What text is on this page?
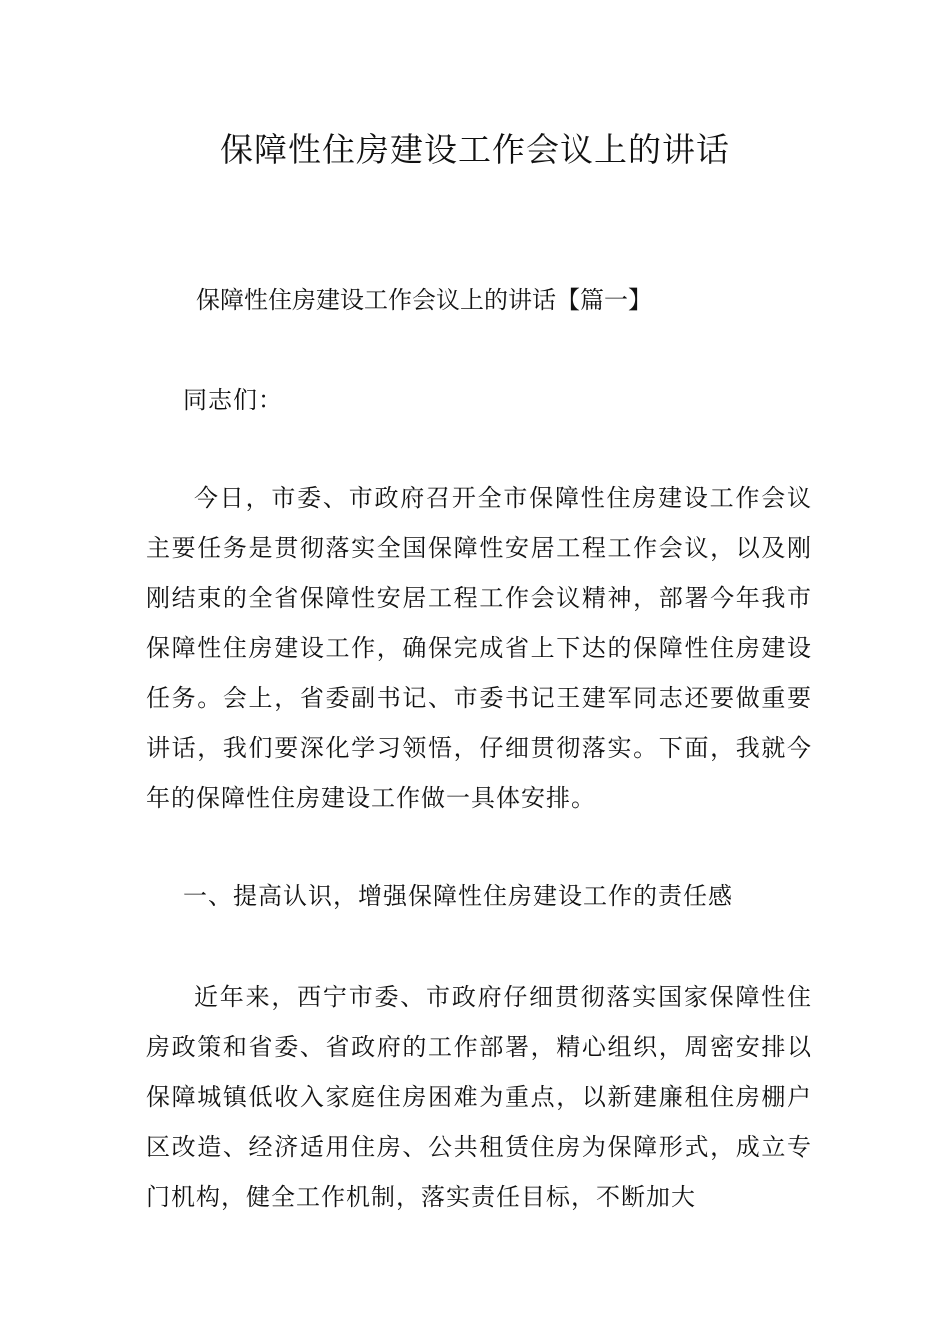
保障性住房建设工作会议上的讲话

保障性住房建设工作会议上的讲话【篇一】

同志们：

今日，市委、市政府召开全市保障性住房建设工作会议主要任务是贯彻落实全国保障性安居工程工作会议，以及刚刚结束的全省保障性安居工程工作会议精神，部署今年我市保障性住房建设工作，确保完成省上下达的保障性住房建设任务。会上，省委副书记、市委书记王建军同志还要做重要讲话，我们要深化学习领悟，仔细贯彻落实。下面，我就今年的保障性住房建设工作做一具体安排。

一、提高认识，增强保障性住房建设工作的责任感

近年来，西宁市委、市政府仔细贯彻落实国家保障性住房政策和省委、省政府的工作部署，精心组织，周密安排以保障城镇低收入家庭住房困难为重点，以新建廉租住房棚户区改造、经济适用住房、公共租赁住房为保障形式，成立专门机构，健全工作机制，落实责任目标，不断加大
